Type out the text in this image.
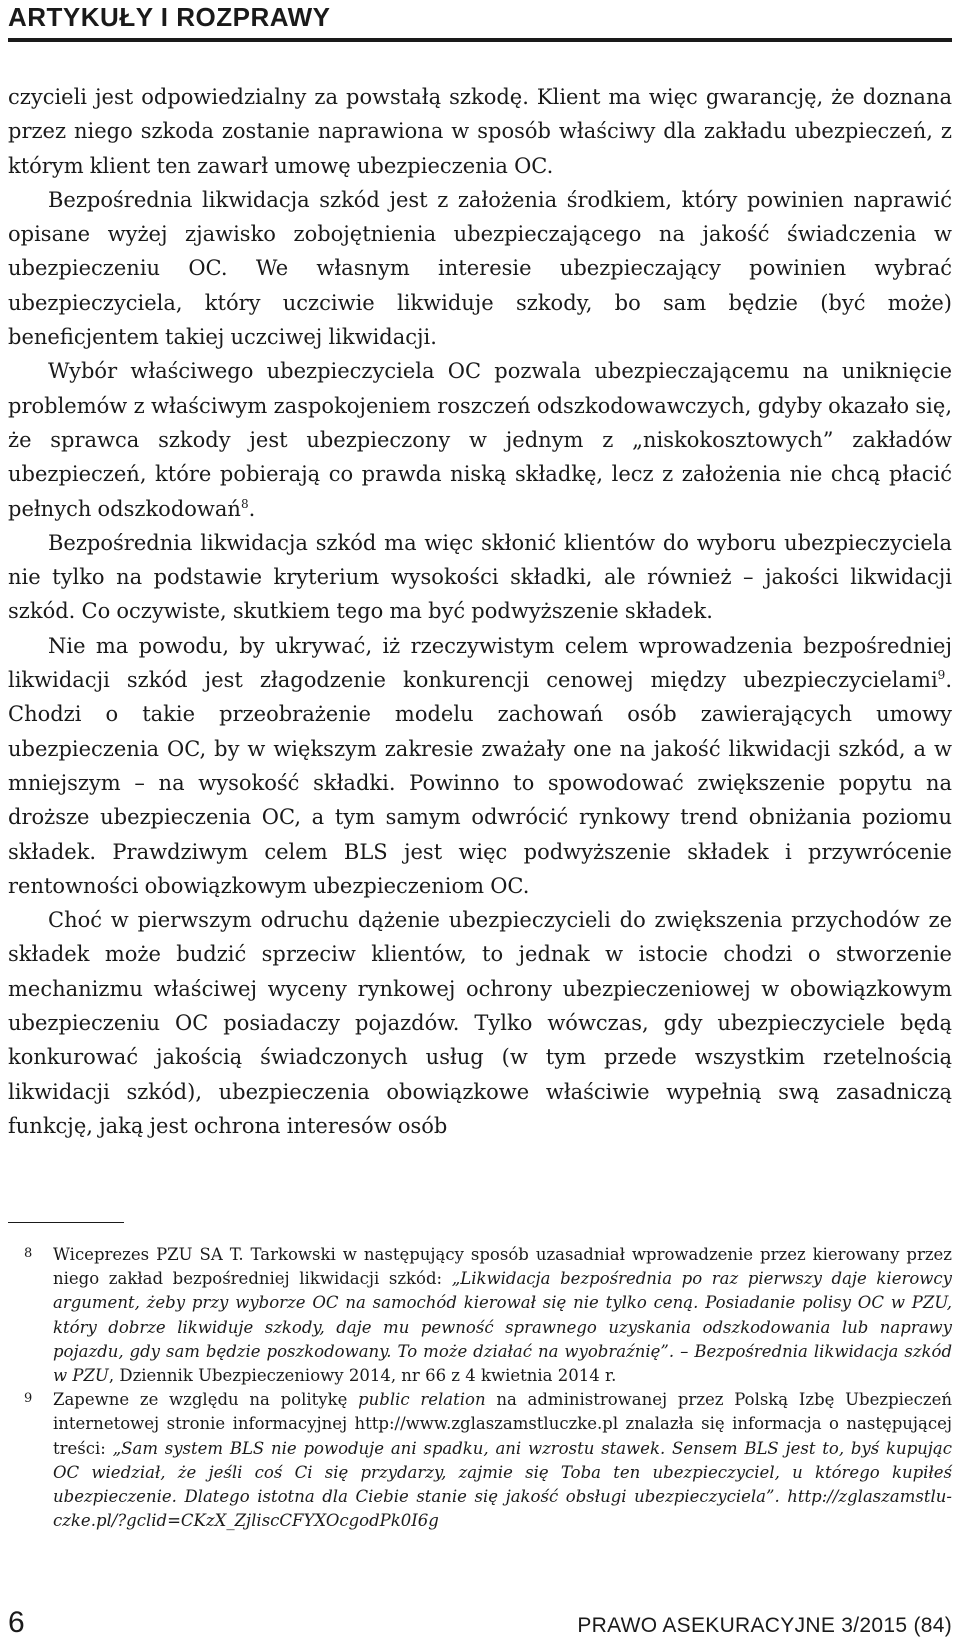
ARTYKUŁY I ROZPRAWY

czycieli jest odpowiedzialny za powstałą szkodę. Klient ma więc gwarancję, że doznana przez niego szkoda zostanie naprawiona w sposób właściwy dla zakładu ubezpieczeń, z którym klient ten zawarł umowę ubezpieczenia OC.

Bezpośrednia likwidacja szkód jest z założenia środkiem, który powinien naprawić opisane wyżej zjawisko zobojętnienia ubezpieczającego na jakość świadczenia w ubezpieczeniu OC. We własnym interesie ubezpieczający powinien wybrać ubezpieczyciela, który uczciwie likwiduje szkody, bo sam będzie (być może) beneficjentem takiej uczciwej likwidacji.

Wybór właściwego ubezpieczyciela OC pozwala ubezpieczającemu na uniknięcie problemów z właściwym zaspokojeniem roszczeń odszkodowawczych, gdyby okazało się, że sprawca szkody jest ubezpieczony w jednym z „niskokosztowych” zakładów ubezpieczeń, które pobierają co prawda niską składkę, lecz z założenia nie chcą płacić pełnych odszkodowań$^8$.

Bezpośrednia likwidacja szkód ma więc skłonić klientów do wyboru ubezpieczyciela nie tylko na podstawie kryterium wysokości składki, ale również – jakości likwidacji szkód. Co oczywiste, skutkiem tego ma być podwyższenie składek.

Nie ma powodu, by ukrywać, iż rzeczywistym celem wprowadzenia bezpośredniej likwidacji szkód jest złagodzenie konkurencji cenowej między ubezpieczycielami$^9$. Chodzi o takie przeobrażenie modelu zachowań osób zawierających umowy ubezpieczenia OC, by w większym zakresie zważały one na jakość likwidacji szkód, a w mniejszym – na wysokość składki. Powinno to spowodować zwiększenie popytu na droższe ubezpieczenia OC, a tym samym odwrócić rynkowy trend obniżania poziomu składek. Prawdziwym celem BLS jest więc podwyższenie składek i przywrócenie rentowności obowiązkowym ubezpieczeniom OC.

Choć w pierwszym odruchu dążenie ubezpieczycieli do zwiększenia przychodów ze składek może budzić sprzeciw klientów, to jednak w istocie chodzi o stworzenie mechanizmu właściwej wyceny rynkowej ochrony ubezpieczeniowej w obowiązkowym ubezpieczeniu OC posiadaczy pojazdów. Tylko wówczas, gdy ubezpieczyciele będą konkurować jakością świadczonych usług (w tym przede wszystkim rzetelnością likwidacji szkód), ubezpieczenia obowiązkowe właściwie wypełnią swą zasadniczą funkcję, jaką jest ochrona interesów osób

8 Wiceprezes PZU SA T. Tarkowski w następujący sposób uzasadniał wprowadzenie przez kierowany przez niego zakład bezpośredniej likwidacji szkód: „Likwidacja bezpośrednia po raz pierwszy daje kierowcy argument, żeby przy wyborze OC na samochód kierował się nie tylko ceną. Posiadanie polisy OC w PZU, który dobrze likwiduje szkody, daje mu pewność sprawnego uzyskania odszkodowania lub naprawy pojazdu, gdy sam będzie poszkodowany. To może działać na wyobraźnię”. – Bezpośrednia likwidacja szkód w PZU, Dziennik Ubezpieczeniowy 2014, nr 66 z 4 kwietnia 2014 r.
9 Zapewne ze względu na politykę public relation na administrowanej przez Polską Izbę Ubezpieczeń internetowej stronie informacyjnej http://www.zglaszamstluczke.pl znalazła się informacja o następującej treści: „Sam system BLS nie powoduje ani spadku, ani wzrostu stawek. Sensem BLS jest to, byś kupując OC wiedział, że jeśli coś Ci się przydarzy, zajmie się Toba ten ubezpieczyciel, u którego kupiłeś ubezpieczenie. Dlatego istotna dla Ciebie stanie się jakość obsługi ubezpieczyciela”. http://zglaszamstluczke.pl/?gclid=CKzX_ZjliscCFYXOcgodPk0I6g
6	PRAWO ASEKURACYJNE 3/2015 (84)
